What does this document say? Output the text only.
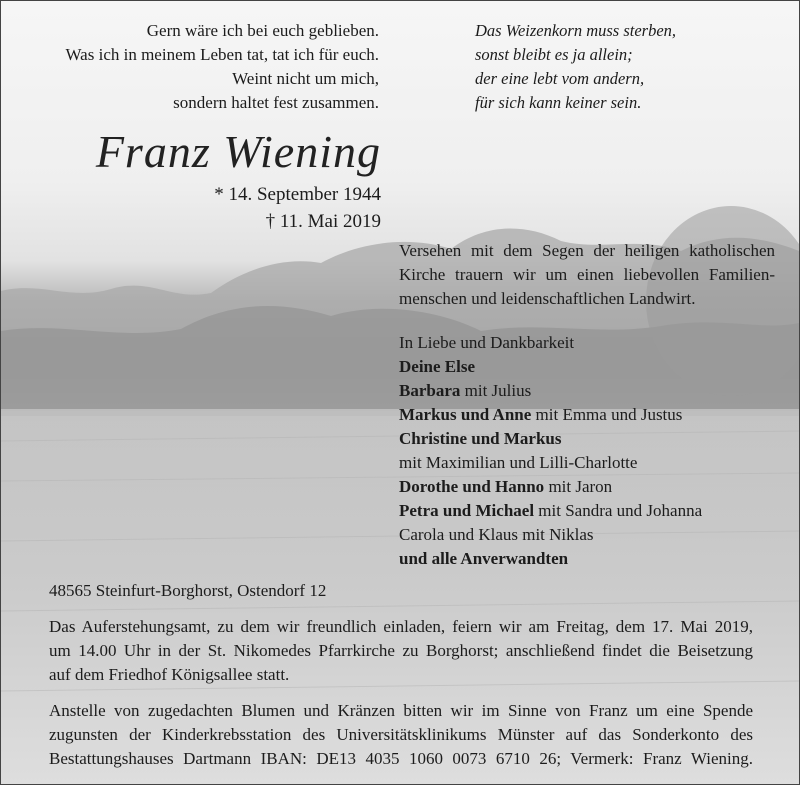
Gern wäre ich bei euch geblieben.
Was ich in meinem Leben tat, tat ich für euch.
Weint nicht um mich,
sondern haltet fest zusammen.
Das Weizenkorn muss sterben,
sonst bleibt es ja allein;
der eine lebt vom andern,
für sich kann keiner sein.
Franz Wiening
* 14. September 1944
† 11. Mai 2019
Versehen mit dem Segen der heiligen katholischen
Kirche trauern wir um einen liebevollen Familien-
menschen und leidenschaftlichen Landwirt.
In Liebe und Dankbarkeit
Deine Else
Barbara mit Julius
Markus und Anne mit Emma und Justus
Christine und Markus
mit Maximilian und Lilli-Charlotte
Dorothe und Hanno mit Jaron
Petra und Michael mit Sandra und Johanna
Carola und Klaus mit Niklas
und alle Anverwandten
48565 Steinfurt-Borghorst, Ostendorf 12
Das Auferstehungsamt, zu dem wir freundlich einladen, feiern wir am Freitag, dem 17. Mai 2019,
um 14.00 Uhr in der St. Nikomedes Pfarrkirche zu Borghorst; anschließend findet die Beisetzung
auf dem Friedhof Königsallee statt.
Anstelle von zugedachten Blumen und Kränzen bitten wir im Sinne von Franz um eine Spende
zugunsten der Kinderkrebsstation des Universitätsklinikums Münster auf das Sonderkonto des
Bestattungshauses Dartmann IBAN: DE13 4035 1060 0073 6710 26; Vermerk: Franz Wiening.
